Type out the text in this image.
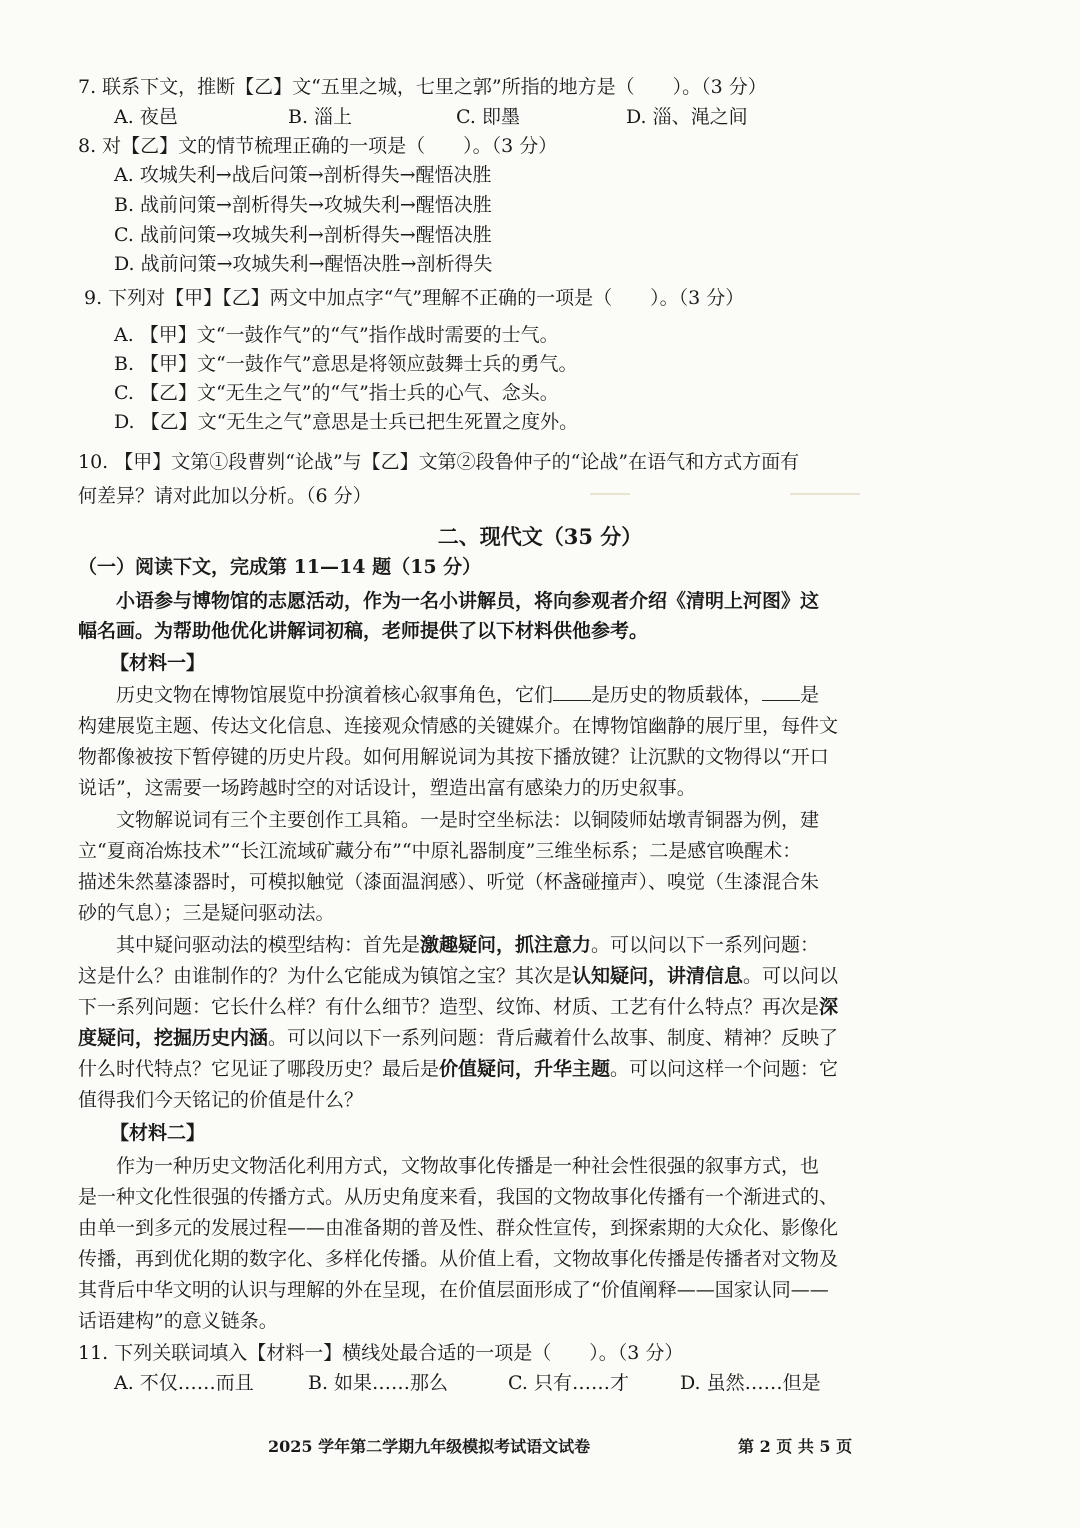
7. 联系下文，推断【乙】文“五里之城，七里之郭”所指的地方是（　　）。（3 分）
A. 夜邑	B. 淄上	C. 即墨	D. 淄、渑之间
8. 对【乙】文的情节梳理正确的一项是（　　）。（3 分）
A. 攻城失利→战后问策→剖析得失→醒悟决胜
B. 战前问策→剖析得失→攻城失利→醒悟决胜
C. 战前问策→攻城失利→剖析得失→醒悟决胜
D. 战前问策→攻城失利→醒悟决胜→剖析得失
9. 下列对【甲】【乙】两文中加点字“气”理解不正确的一项是（　　）。（3 分）
A. 【甲】文“一鼓作气”的“气”指作战时需要的士气。
B. 【甲】文“一鼓作气”意思是将领应鼓舞士兵的勇气。
C. 【乙】文“无生之气”的“气”指士兵的心气、念头。
D. 【乙】文“无生之气”意思是士兵已把生死置之度外。
10. 【甲】文第①段曹刿“论战”与【乙】文第②段鲁仲子的“论战”在语气和方式方面有
何差异？请对此加以分析。（6 分）
二、现代文（35 分）
（一）阅读下文，完成第 11—14 题（15 分）
小语参与博物馆的志愿活动，作为一名小讲解员，将向参观者介绍《清明上河图》这
幅名画。为帮助他优化讲解词初稿，老师提供了以下材料供他参考。
【材料一】
历史文物在博物馆展览中扮演着核心叙事角色，它们 是历史的物质载体， 是
构建展览主题、传达文化信息、连接观众情感的关键媒介。在博物馆幽静的展厅里，每件文
物都像被按下暂停键的历史片段。如何用解说词为其按下播放键？让沉默的文物得以“开口
说话”，这需要一场跨越时空的对话设计，塑造出富有感染力的历史叙事。
文物解说词有三个主要创作工具箱。一是时空坐标法：以铜陵师姑墩青铜器为例，建
立“夏商冶炼技术”“长江流域矿藏分布”“中原礼器制度”三维坐标系；二是感官唤醒术：
描述朱然墓漆器时，可模拟触觉（漆面温润感）、听觉（杯盏碰撞声）、嗅觉（生漆混合朱
砂的气息）；三是疑问驱动法。
其中疑问驱动法的模型结构：首先是激趣疑问，抓注意力。可以问以下一系列问题：
这是什么？由谁制作的？为什么它能成为镇馆之宝？其次是认知疑问，讲清信息。可以问以
下一系列问题：它长什么样？有什么细节？造型、纹饰、材质、工艺有什么特点？再次是深
度疑问，挖掘历史内涵。可以问以下一系列问题：背后藏着什么故事、制度、精神？反映了
什么时代特点？它见证了哪段历史？最后是价值疑问，升华主题。可以问这样一个问题：它
值得我们今天铭记的价值是什么？
【材料二】
作为一种历史文物活化利用方式，文物故事化传播是一种社会性很强的叙事方式，也
是一种文化性很强的传播方式。从历史角度来看，我国的文物故事化传播有一个渐进式的、
由单一到多元的发展过程——由准备期的普及性、群众性宣传，到探索期的大众化、影像化
传播，再到优化期的数字化、多样化传播。从价值上看，文物故事化传播是传播者对文物及
其背后中华文明的认识与理解的外在呈现，在价值层面形成了“价值阐释——国家认同——
话语建构”的意义链条。
11. 下列关联词填入【材料一】横线处最合适的一项是（　　）。（3 分）
A. 不仅……而且	B. 如果……那么	C. 只有……才	D. 虽然……但是
2025 学年第二学期九年级模拟考试语文试卷	第 2 页 共 5 页
